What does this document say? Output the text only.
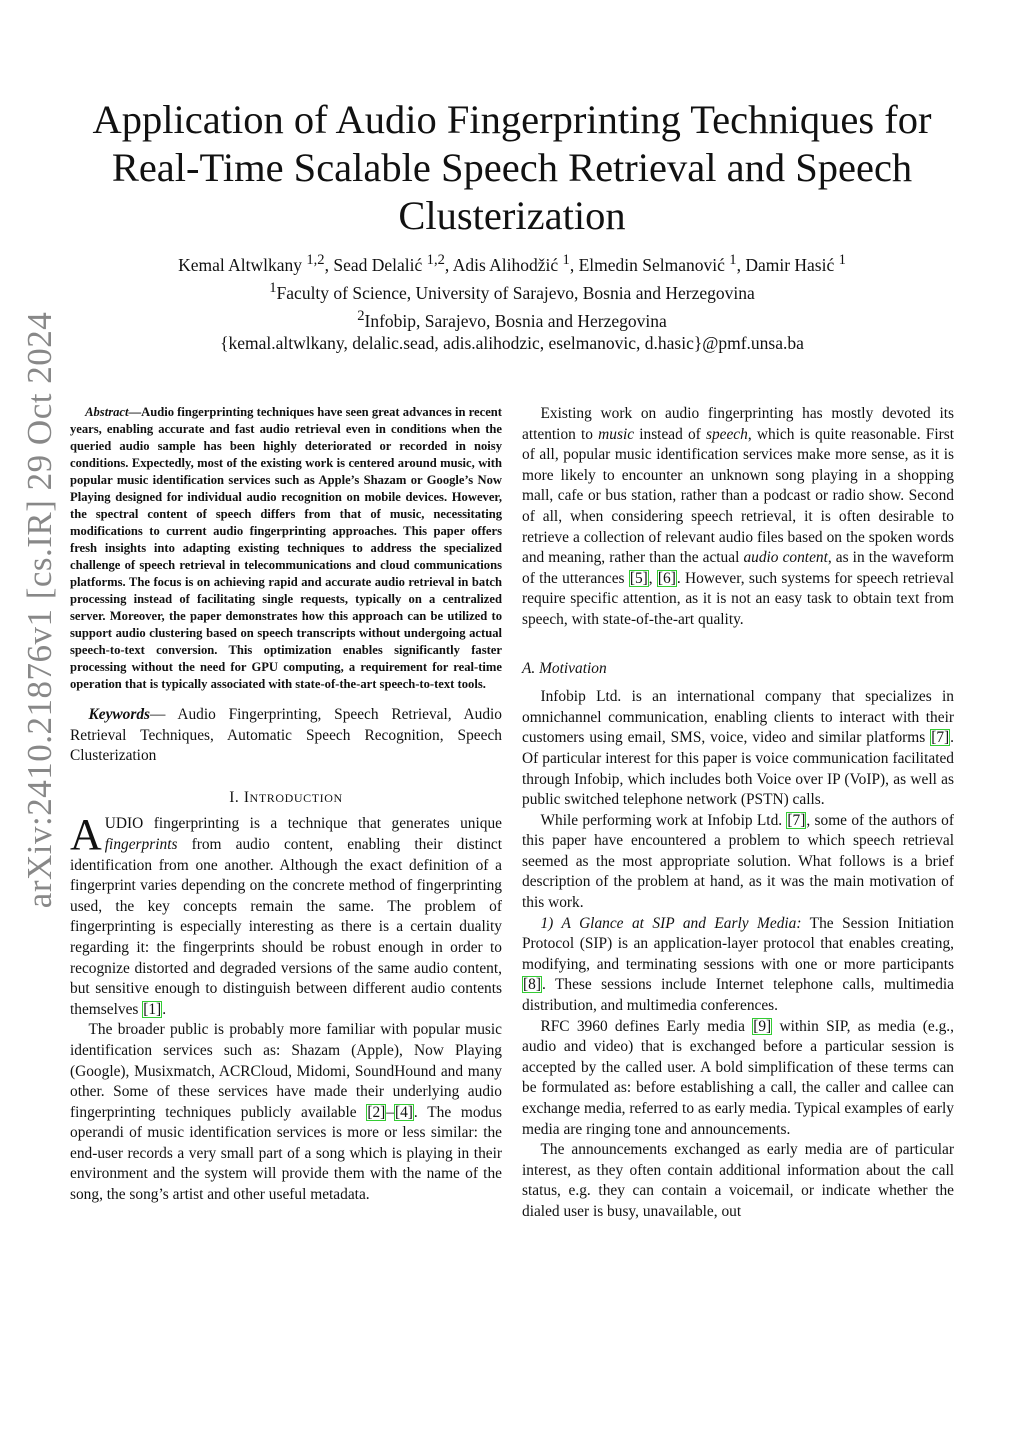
arXiv:2410.21876v1 [cs.IR] 29 Oct 2024
Application of Audio Fingerprinting Techniques for
Real-Time Scalable Speech Retrieval and Speech
Clusterization
Kemal Altwlkany $^{1,2}$, Sead Delalić $^{1,2}$, Adis Alihodžić $^1$, Elmedin Selmanović $^1$, Damir Hasić $^1$
$^1$Faculty of Science, University of Sarajevo, Bosnia and Herzegovina
$^2$Infobip, Sarajevo, Bosnia and Herzegovina
{kemal.altwlkany, delalic.sead, adis.alihodzic, eselmanovic, d.hasic}@pmf.unsa.ba

Abstract—Audio fingerprinting techniques have seen great advances in recent years, enabling accurate and fast audio retrieval even in conditions when the queried audio sample has been highly deteriorated or recorded in noisy conditions. Expectedly, most of the existing work is centered around music, with popular music identification services such as Apple’s Shazam or Google’s Now Playing designed for individual audio recognition on mobile devices. However, the spectral content of speech differs from that of music, necessitating modifications to current audio fingerprinting approaches. This paper offers fresh insights into adapting existing techniques to address the specialized challenge of speech retrieval in telecommunications and cloud communications platforms. The focus is on achieving rapid and accurate audio retrieval in batch processing instead of facilitating single requests, typically on a centralized server. Moreover, the paper demonstrates how this approach can be utilized to support audio clustering based on speech transcripts without undergoing actual speech-to-text conversion. This optimization enables significantly faster processing without the need for GPU computing, a requirement for real-time operation that is typically associated with state-of-the-art speech-to-text tools.

Keywords— Audio Fingerprinting, Speech Retrieval, Audio Retrieval Techniques, Automatic Speech Recognition, Speech Clusterization

I. INTRODUCTION

AUDIO fingerprinting is a technique that generates unique fingerprints from audio content, enabling their distinct identification from one another. Although the exact definition of a fingerprint varies depending on the concrete method of fingerprinting used, the key concepts remain the same. The problem of fingerprinting is especially interesting as there is a certain duality regarding it: the fingerprints should be robust enough in order to recognize distorted and degraded versions of the same audio content, but sensitive enough to distinguish between different audio contents themselves [1].

The broader public is probably more familiar with popular music identification services such as: Shazam (Apple), Now Playing (Google), Musixmatch, ACRCloud, Midomi, SoundHound and many other. Some of these services have made their underlying audio fingerprinting techniques publicly available [2]–[4]. The modus operandi of music identification services is more or less similar: the end-user records a very small part of a song which is playing in their environment and the system will provide them with the name of the song, the song’s artist and other useful metadata.

Existing work on audio fingerprinting has mostly devoted its attention to music instead of speech, which is quite reasonable. First of all, popular music identification services make more sense, as it is more likely to encounter an unknown song playing in a shopping mall, cafe or bus station, rather than a podcast or radio show. Second of all, when considering speech retrieval, it is often desirable to retrieve a collection of relevant audio files based on the spoken words and meaning, rather than the actual audio content, as in the waveform of the utterances [5], [6]. However, such systems for speech retrieval require specific attention, as it is not an easy task to obtain text from speech, with state-of-the-art quality.

A. Motivation

Infobip Ltd. is an international company that specializes in omnichannel communication, enabling clients to interact with their customers using email, SMS, voice, video and similar platforms [7]. Of particular interest for this paper is voice communication facilitated through Infobip, which includes both Voice over IP (VoIP), as well as public switched telephone network (PSTN) calls.

While performing work at Infobip Ltd. [7], some of the authors of this paper have encountered a problem to which speech retrieval seemed as the most appropriate solution. What follows is a brief description of the problem at hand, as it was the main motivation of this work.

1) A Glance at SIP and Early Media: The Session Initiation Protocol (SIP) is an application-layer protocol that enables creating, modifying, and terminating sessions with one or more participants [8]. These sessions include Internet telephone calls, multimedia distribution, and multimedia conferences.

RFC 3960 defines Early media [9] within SIP, as media (e.g., audio and video) that is exchanged before a particular session is accepted by the called user. A bold simplification of these terms can be formulated as: before establishing a call, the caller and callee can exchange media, referred to as early media. Typical examples of early media are ringing tone and announcements.

The announcements exchanged as early media are of particular interest, as they often contain additional information about the call status, e.g. they can contain a voicemail, or indicate whether the dialed user is busy, unavailable, out
